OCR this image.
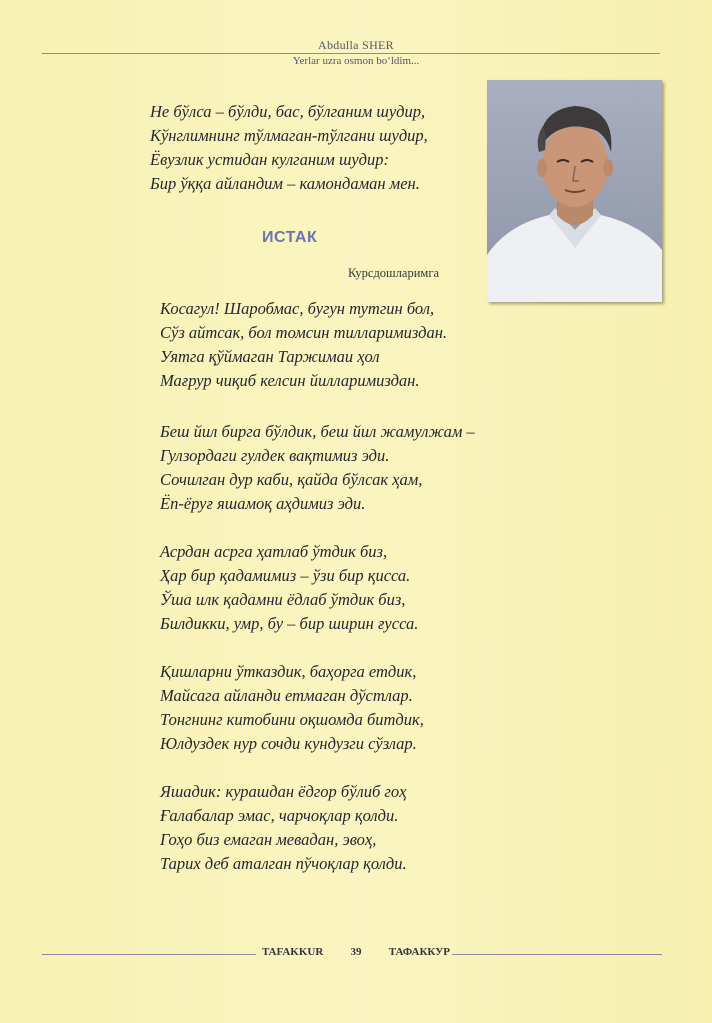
Abdulla SHER
Yerlar uzra osmon bo‘ldim...
Не бўлса – бўлди, бас, бўлганим шудир,
Кўнглимнинг тўлмаган-тўлгани шудир,
Ёвузлик устидан кулганим шудир:
Бир ўққа айландим – камондаман мен.
ИСТАК
Курсдошларимга
Косагул! Шаробмас, бугун тутгин бол,
Сўз айтсак, бол томсин тилларимиздан.
Уятга қўймаган Таржимаи ҳол
Мағрур чиқиб келсин йилларимиздан.
Беш йил бирга бўлдик, беш йил жамулжам –
Гулзордаги гулдек вақтимиз эди.
Сочилган дур каби, қайда бўлсак ҳам,
Ёп-ёруғ яшамоқ аҳдимиз эди.
Асрдан асрга ҳатлаб ўтдик биз,
Ҳар бир қадамимиз – ўзи бир қисса.
Ўша илк қадамни ёдлаб ўтдик биз,
Билдикки, умр, бу – бир ширин ғусса.
Қишларни ўтказдик, баҳорга етдик,
Майсага айланди етмаган дўстлар.
Тонгнинг китобини оқшомда битдик,
Юлдуздек нур сочди кундузги сўзлар.
Яшадик: курашдан ёдгор бўлиб гоҳ
Ғалабалар эмас, чарчоқлар қолди.
Гоҳо биз емаган мевадан, эвоҳ,
Тарих деб аталган пўчоқлар қолди.
TAFAKKUR 39 ТАФАККУР
